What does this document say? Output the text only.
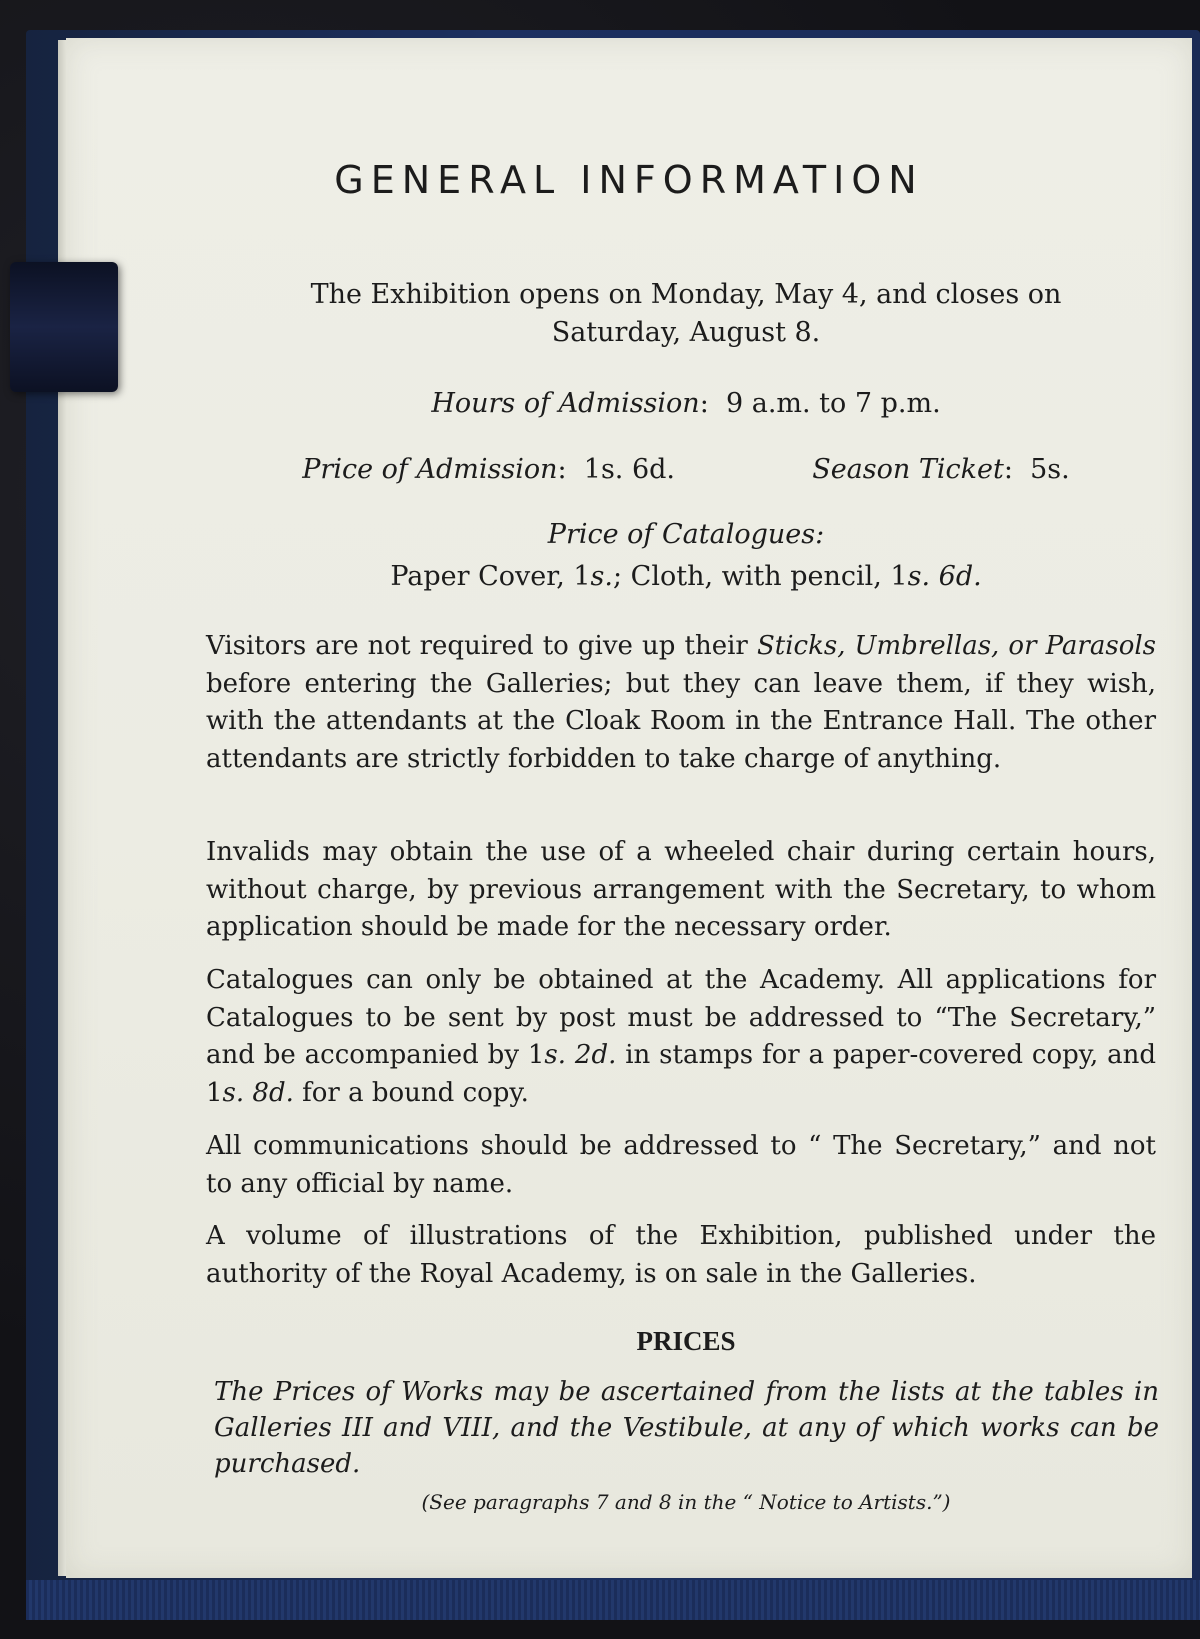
GENERAL INFORMATION

The Exhibition opens on Monday, May 4, and closes on
Saturday, August 8.

Hours of Admission:  9 a.m. to 7 p.m.

Price of Admission:  1s. 6d.	Season Ticket:  5s.

Price of Catalogues:

Paper Cover, 1s.; Cloth, with pencil, 1s. 6d.

Visitors are not required to give up their Sticks, Umbrellas, or Parasols before entering the Galleries; but they can leave them, if they wish, with the attendants at the Cloak Room in the Entrance Hall. The other attendants are strictly forbidden to take charge of anything.

Invalids may obtain the use of a wheeled chair during certain hours, without charge, by previous arrangement with the Secretary, to whom application should be made for the necessary order.

Catalogues can only be obtained at the Academy. All applications for Catalogues to be sent by post must be addressed to “The Secretary,” and be accompanied by 1s. 2d. in stamps for a paper-covered copy, and 1s. 8d. for a bound copy.

All communications should be addressed to “ The Secretary,” and not to any official by name.

A volume of illustrations of the Exhibition, published under the authority of the Royal Academy, is on sale in the Galleries.

PRICES

The Prices of Works may be ascertained from the lists at the tables in Galleries III and VIII, and the Vestibule, at any of which works can be purchased.

(See paragraphs 7 and 8 in the “ Notice to Artists.”)
